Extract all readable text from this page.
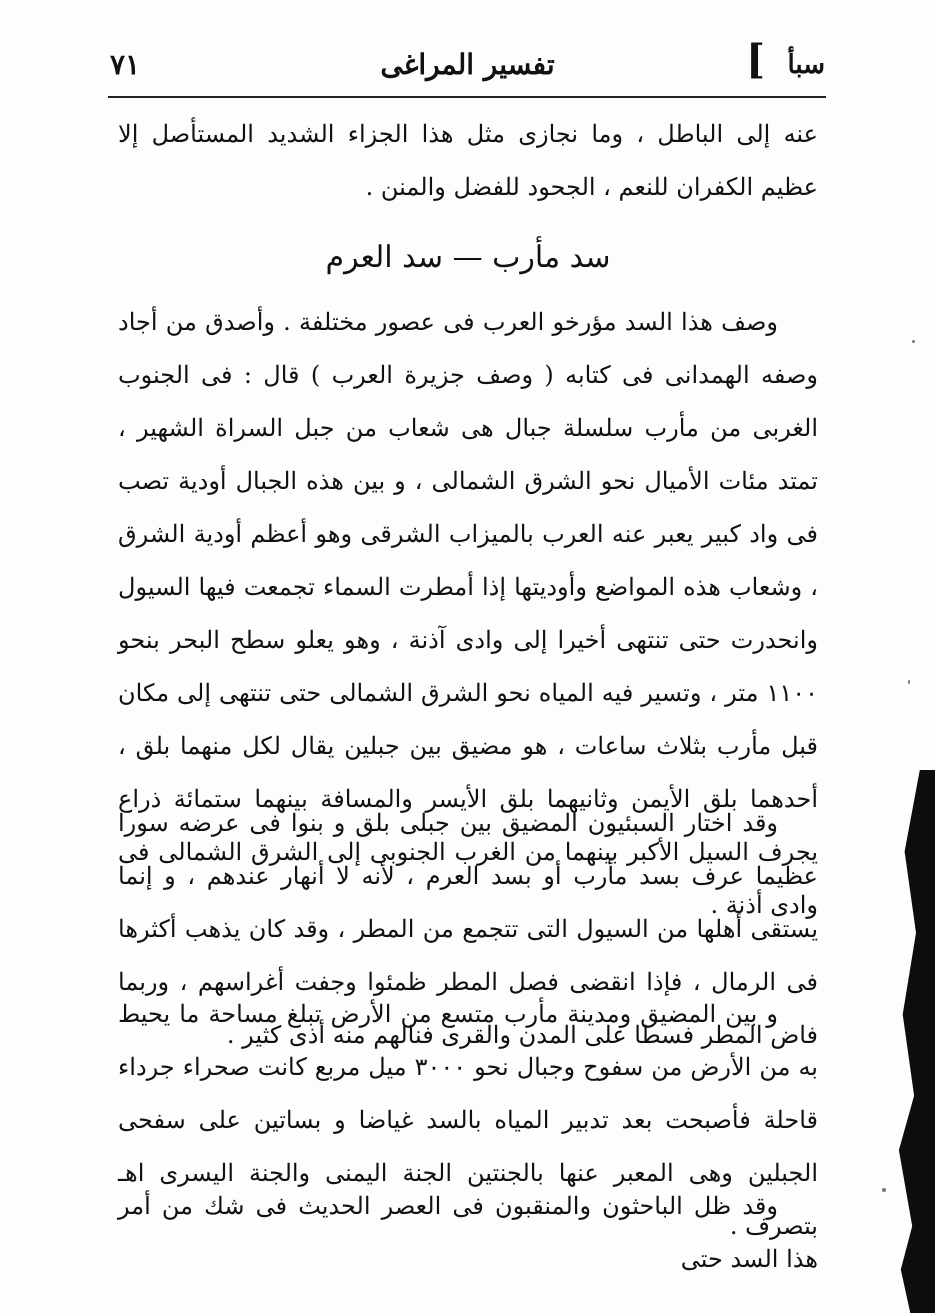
سبأ
]
تفسير المراغى
٧١

عنه إلى الباطل ، وما نجازى مثل هذا الجزاء الشديد المستأصل إلا عظيم الكفران للنعم ، الجحود للفضل والمنن .

سد مأرب — سد العرم

وصف هذا السد مؤرخو العرب فى عصور مختلفة . وأصدق من أجاد وصفه الهمدانى فى كتابه ( وصف جزيرة العرب ) قال : فى الجنوب الغربى من مأرب سلسلة جبال هى شعاب من جبل السراة الشهير ، تمتد مئات الأميال نحو الشرق الشمالى ، و بين هذه الجبال أودية تصب فى واد كبير يعبر عنه العرب بالميزاب الشرقى وهو أعظم أودية الشرق ، وشعاب هذه المواضع وأوديتها إذا أمطرت السماء تجمعت فيها السيول وانحدرت حتى تنتهى أخيرا إلى وادى آذنة ، وهو يعلو سطح البحر بنحو ١١٠٠ متر ، وتسير فيه المياه نحو الشرق الشمالى حتى تنتهى إلى مكان قبل مأرب بثلاث ساعات ، هو مضيق بين جبلين يقال لكل منهما بلق ، أحدهما بلق الأيمن وثانيهما بلق الأيسر والمسافة بينهما ستمائة ذراع يجرف السيل الأكبر بينهما من الغرب الجنوبى إلى الشرق الشمالى فى وادى أذنة .

وقد اختار السبئيون المضيق بين جبلى بلق و بنوا فى عرضه سورا عظيما عرف بسد مأرب أو بسد العرم ، لأنه لا أنهار عندهم ، و إنما يستقى أهلها من السيول التى تتجمع من المطر ، وقد كان يذهب أكثرها فى الرمال ، فإذا انقضى فصل المطر ظمئوا وجفت أغراسهم ، وربما فاض المطر فسطا على المدن والقرى فنالهم منه أذى كثير .

و بين المضيق ومدينة مأرب متسع من الأرض تبلغ مساحة ما يحيط به من الأرض من سفوح وجبال نحو ٣٠٠٠ ميل مربع كانت صحراء جرداء قاحلة فأصبحت بعد تدبير المياه بالسد غياضا و بساتين على سفحى الجبلين وهى المعبر عنها بالجنتين الجنة اليمنى والجنة اليسرى اهـ بتصرف .

وقد ظل الباحثون والمنقبون فى العصر الحديث فى شك من أمر هذا السد حتى
